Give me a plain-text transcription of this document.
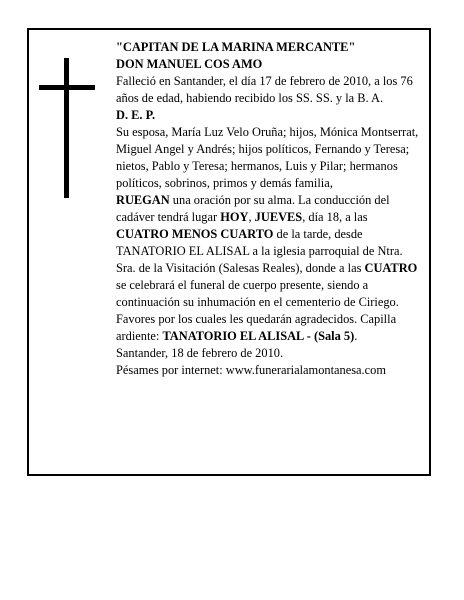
"CAPITAN DE LA MARINA MERCANTE"

DON MANUEL COS AMO

Falleció en Santander, el día 17 de febrero de 2010, a los 76 años de edad, habiendo recibido los SS. SS. y la B. A.

D. E. P.

Su esposa, María Luz Velo Oruña; hijos, Mónica Montserrat, Miguel Angel y Andrés; hijos políticos, Fernando y Teresa; nietos, Pablo y Teresa; hermanos, Luis y Pilar; hermanos políticos, sobrinos, primos y demás familia,

RUEGAN una oración por su alma. La conducción del cadáver tendrá lugar HOY, JUEVES, día 18, a las CUATRO MENOS CUARTO de la tarde, desde TANATORIO EL ALISAL a la iglesia parroquial de Ntra. Sra. de la Visitación (Salesas Reales), donde a las CUATRO se celebrará el funeral de cuerpo presente, siendo a continuación su inhumación en el cementerio de Ciriego. Favores por los cuales les quedarán agradecidos. Capilla ardiente: TANATORIO EL ALISAL - (Sala 5).

Santander, 18 de febrero de 2010.

Pésames por internet: www.funerarialamontanesa.com
